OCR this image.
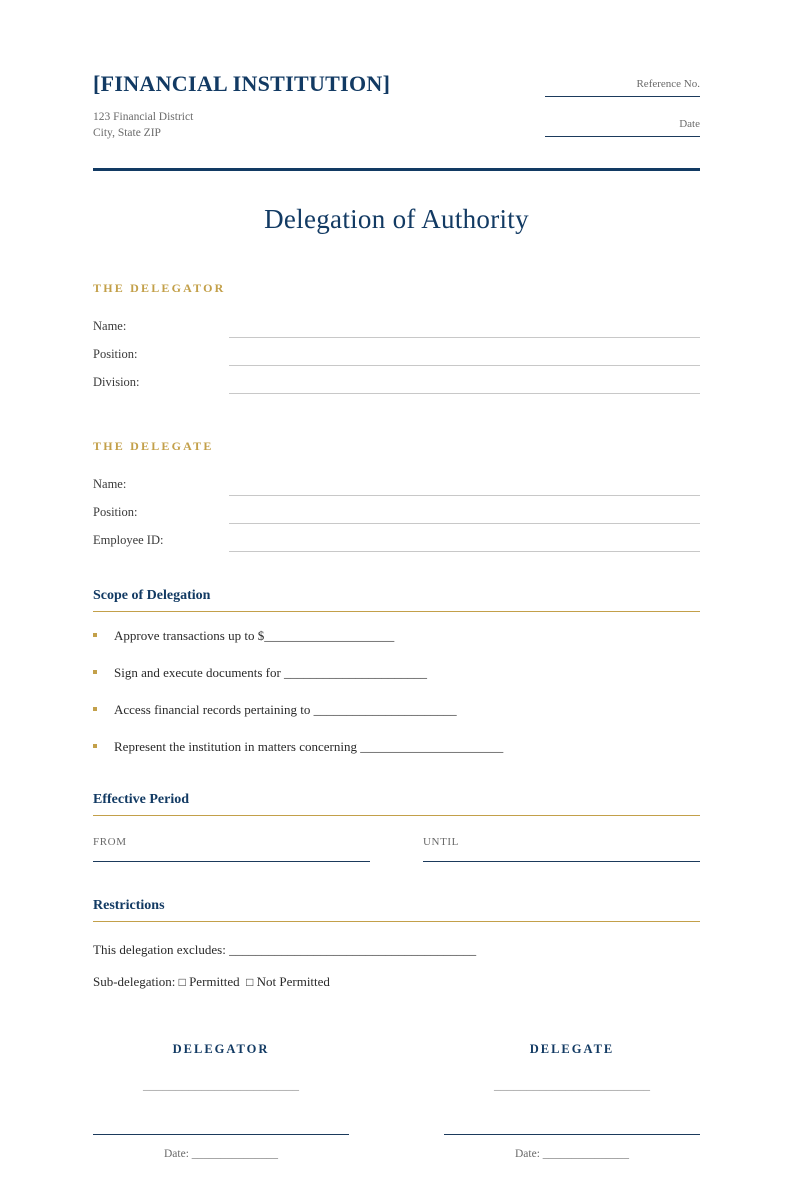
[FINANCIAL INSTITUTION]
123 Financial District
City, State ZIP
Reference No.
Date
Delegation of Authority
THE DELEGATOR
Name:
Position:
Division:
THE DELEGATE
Name:
Position:
Employee ID:
Scope of Delegation
Approve transactions up to $____________________
Sign and execute documents for ______________________
Access financial records pertaining to ______________________
Represent the institution in matters concerning ______________________
Effective Period
FROM	UNTIL
Restrictions
This delegation excludes: ______________________________________
Sub-delegation: □ Permitted □ Not Permitted
DELEGATOR
________________________
Date: _______________
DELEGATE
________________________
Date: _______________
